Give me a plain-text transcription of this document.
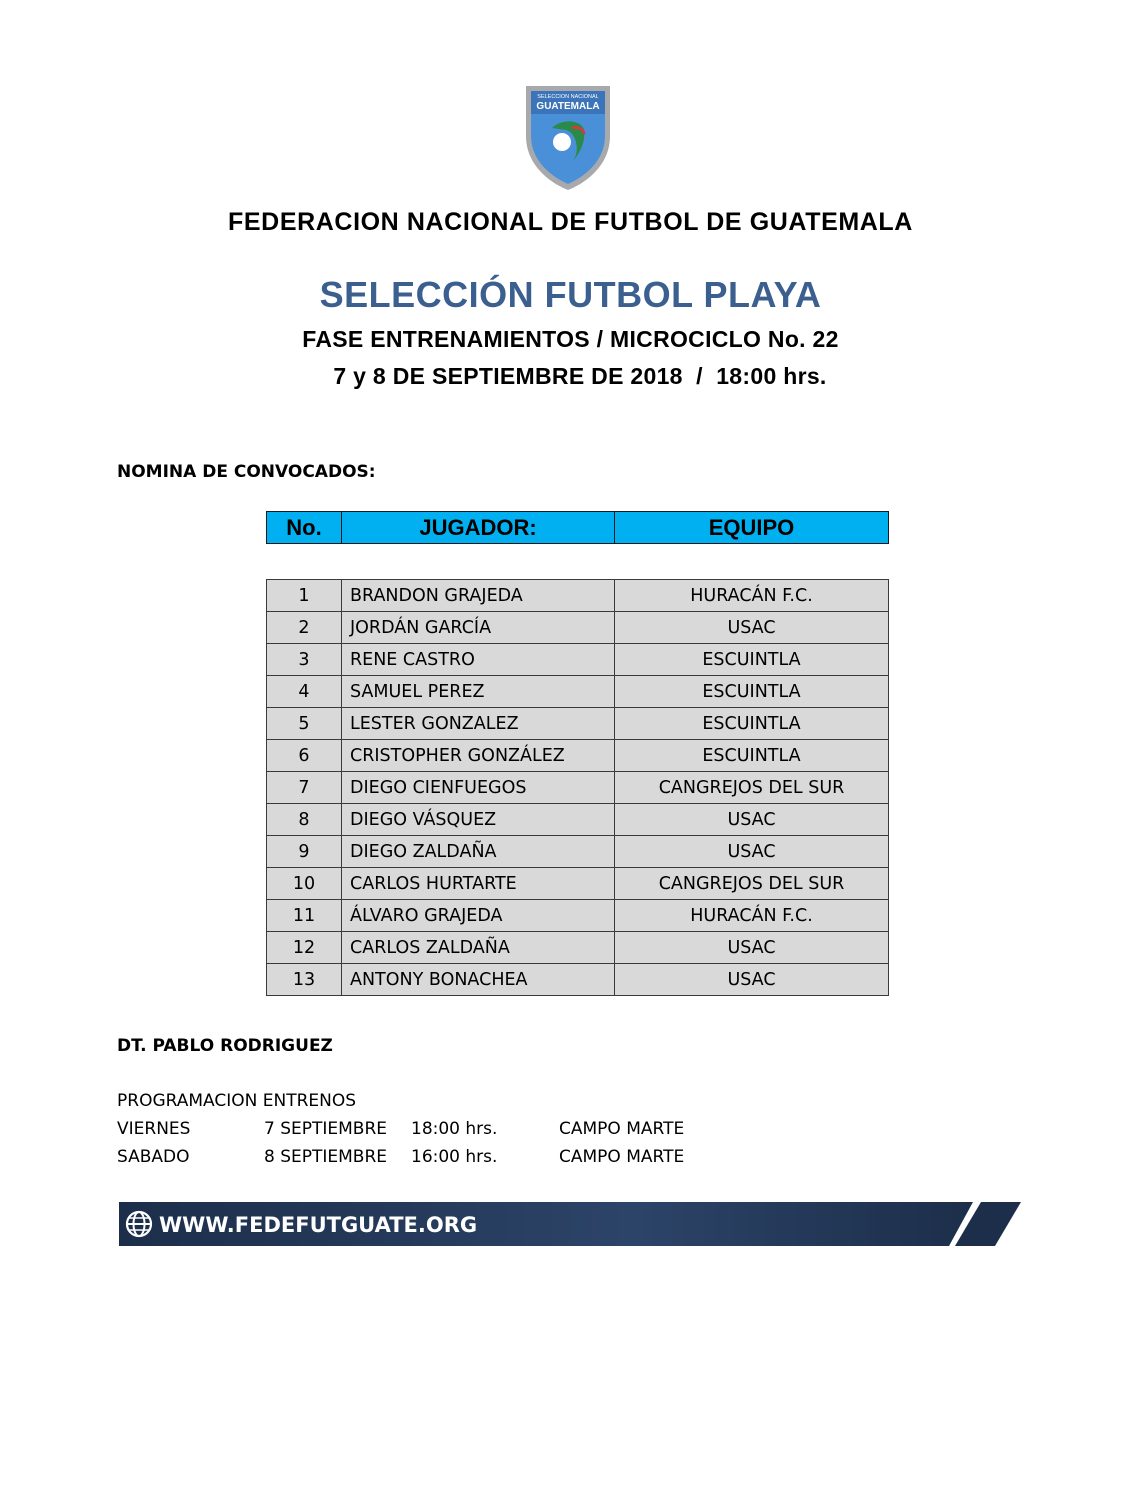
SELECCION NACIONAL
GUATEMALA
FEDERACION NACIONAL DE FUTBOL DE GUATEMALA
SELECCIÓN FUTBOL PLAYA
FASE ENTRENAMIENTOS / MICROCICLO No. 22
7 y 8 DE SEPTIEMBRE DE 2018  /  18:00 hrs.
NOMINA DE CONVOCADOS:
No.	JUGADOR:	EQUIPO
1	BRANDON GRAJEDA	HURACÁN F.C.
2	JORDÁN GARCÍA	USAC
3	RENE CASTRO	ESCUINTLA
4	SAMUEL PEREZ	ESCUINTLA
5	LESTER GONZALEZ	ESCUINTLA
6	CRISTOPHER GONZÁLEZ	ESCUINTLA
7	DIEGO CIENFUEGOS	CANGREJOS DEL SUR
8	DIEGO VÁSQUEZ	USAC
9	DIEGO ZALDAÑA	USAC
10	CARLOS HURTARTE	CANGREJOS DEL SUR
11	ÁLVARO GRAJEDA	HURACÁN F.C.
12	CARLOS ZALDAÑA	USAC
13	ANTONY BONACHEA	USAC
DT. PABLO RODRIGUEZ
PROGRAMACION ENTRENOS
VIERNES	7 SEPTIEMBRE 18:00 hrs.	CAMPO MARTE
SABADO	8 SEPTIEMBRE 16:00 hrs.	CAMPO MARTE
WWW.FEDEFUTGUATE.ORG
